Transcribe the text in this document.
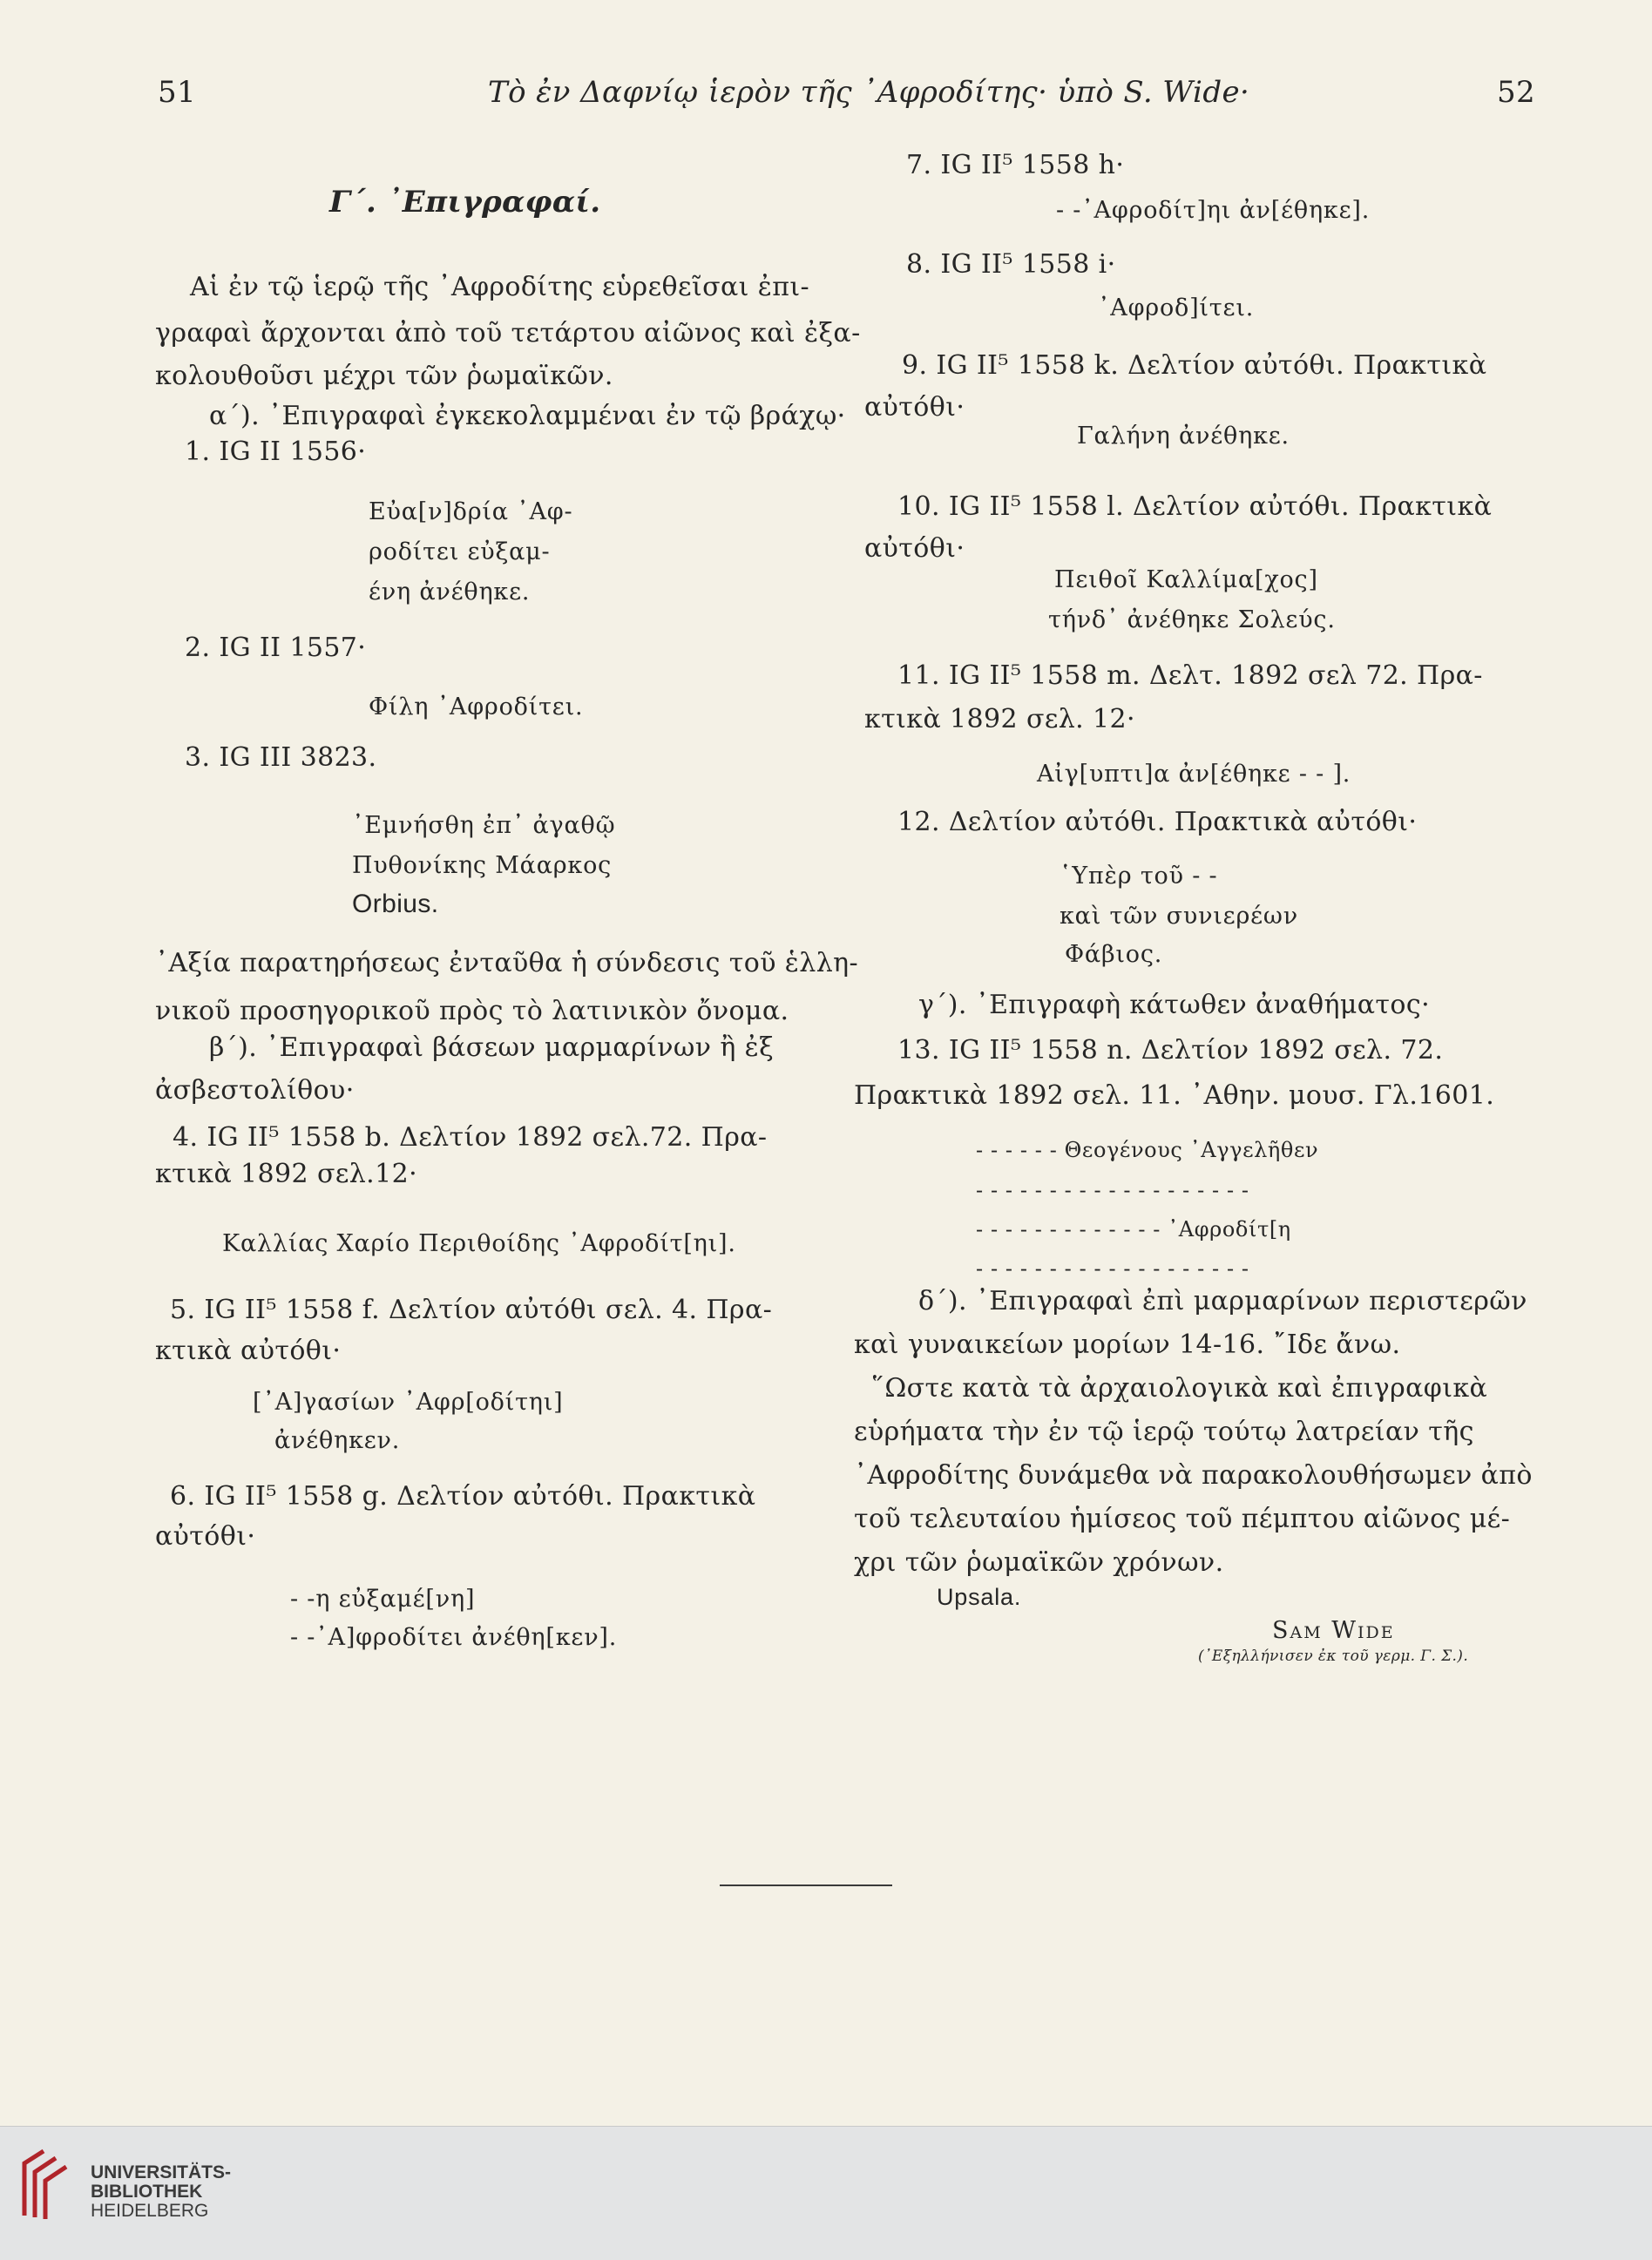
51	Τὸ ἐν Δαφνίῳ ἱερὸν τῆς ᾿Αφροδίτης· ὑπὸ S. Wide·	52
Γ΄. ᾿Επιγραφαί.
Αἱ ἐν τῷ ἱερῷ τῆς ᾿Αφροδίτης εὑρεθεῖσαι ἐπι-
γραφαὶ ἄρχονται ἀπὸ τοῦ τετάρτου αἰῶνος καὶ ἐξα-
κολουθοῦσι μέχρι τῶν ῥωμαϊκῶν.
α΄). ᾿Επιγραφαὶ ἐγκεκολαμμέναι ἐν τῷ βράχῳ·
1. IG II 1556·
Εὐα[ν]δρία ᾿Αφ-
ροδίτει εὐξαμ-
ένη ἀνέθηκε.
2. IG II 1557·
Φίλη ᾿Αφροδίτει.
3. IG III 3823.
᾿Εμνήσθη ἐπ᾿ ἀγαθῷ
Πυθονίκης Μάαρκος
Orbius.
᾿Αξία παρατηρήσεως ἐνταῦθα ἡ σύνδεσις τοῦ ἑλλη-
νικοῦ προσηγορικοῦ πρὸς τὸ λατινικὸν ὄνομα.
β΄). ᾿Επιγραφαὶ βάσεων μαρμαρίνων ἢ ἐξ
ἀσβεστολίθου·
4. IG II⁵ 1558 b. Δελτίον 1892 σελ.72. Πρα-
κτικὰ 1892 σελ.12·
Καλλίας Χαρίο Περιθοίδης ᾿Αφροδίτ[ηι].
5. IG II⁵ 1558 f. Δελτίον αὐτόθι σελ. 4. Πρα-
κτικὰ αὐτόθι·
[᾿Α]γασίων ᾿Αφρ[οδίτηι]
ἀνέθηκεν.
6. IG II⁵ 1558 g. Δελτίον αὐτόθι. Πρακτικὰ
αὐτόθι·
- -η εὐξαμέ[νη]
- -᾿Α]φροδίτει ἀνέθη[κεν].
7. IG II⁵ 1558 h·
- -᾿Αφροδίτ]ηι ἀν[έθηκε].
8. IG II⁵ 1558 i·
᾿Αφροδ]ίτει.
9. IG II⁵ 1558 k. Δελτίον αὐτόθι. Πρακτικὰ
αὐτόθι·
Γαλήνη ἀνέθηκε.
10. IG II⁵ 1558 l. Δελτίον αὐτόθι. Πρακτικὰ
αὐτόθι·
Πειθοῖ Καλλίμα[χος]
τήνδ᾿ ἀνέθηκε Σολεύς.
11. IG II⁵ 1558 m. Δελτ. 1892 σελ 72. Πρα-
κτικὰ 1892 σελ. 12·
Αἰγ[υπτι]α ἀν[έθηκε - - ].
12. Δελτίον αὐτόθι. Πρακτικὰ αὐτόθι·
῾Υπὲρ τοῦ - -
καὶ τῶν συνιερέων
Φάβιος.
γ΄). ᾿Επιγραφὴ κάτωθεν ἀναθήματος·
13. IG II⁵ 1558 n. Δελτίον 1892 σελ. 72.
Πρακτικὰ 1892 σελ. 11. ᾿Αθην. μουσ. Γλ.1601.
- - - - - - Θεογένους ᾿Αγγελῆθεν
- - - - - - - - - - - - - - - - - - -
- - - - - - - - - - - - - ᾿Αφροδίτ[η
- - - - - - - - - - - - - - - - - - -
δ΄). ᾿Επιγραφαὶ ἐπὶ μαρμαρίνων περιστερῶν
καὶ γυναικείων μορίων 14-16. ῎Ιδε ἄνω.
῞Ωστε κατὰ τὰ ἀρχαιολογικὰ καὶ ἐπιγραφικὰ
εὑρήματα τὴν ἐν τῷ ἱερῷ τούτῳ λατρείαν τῆς
᾿Αφροδίτης δυνάμεθα νὰ παρακολουθήσωμεν ἀπὸ
τοῦ τελευταίου ἡμίσεος τοῦ πέμπτου αἰῶνος μέ-
χρι τῶν ῥωμαϊκῶν χρόνων.
Upsala.
Sam Wide
(᾿Εξηλλήνισεν ἐκ τοῦ γερμ. Γ. Σ.).
UNIVERSITÄTS-
BIBLIOTHEK
HEIDELBERG
